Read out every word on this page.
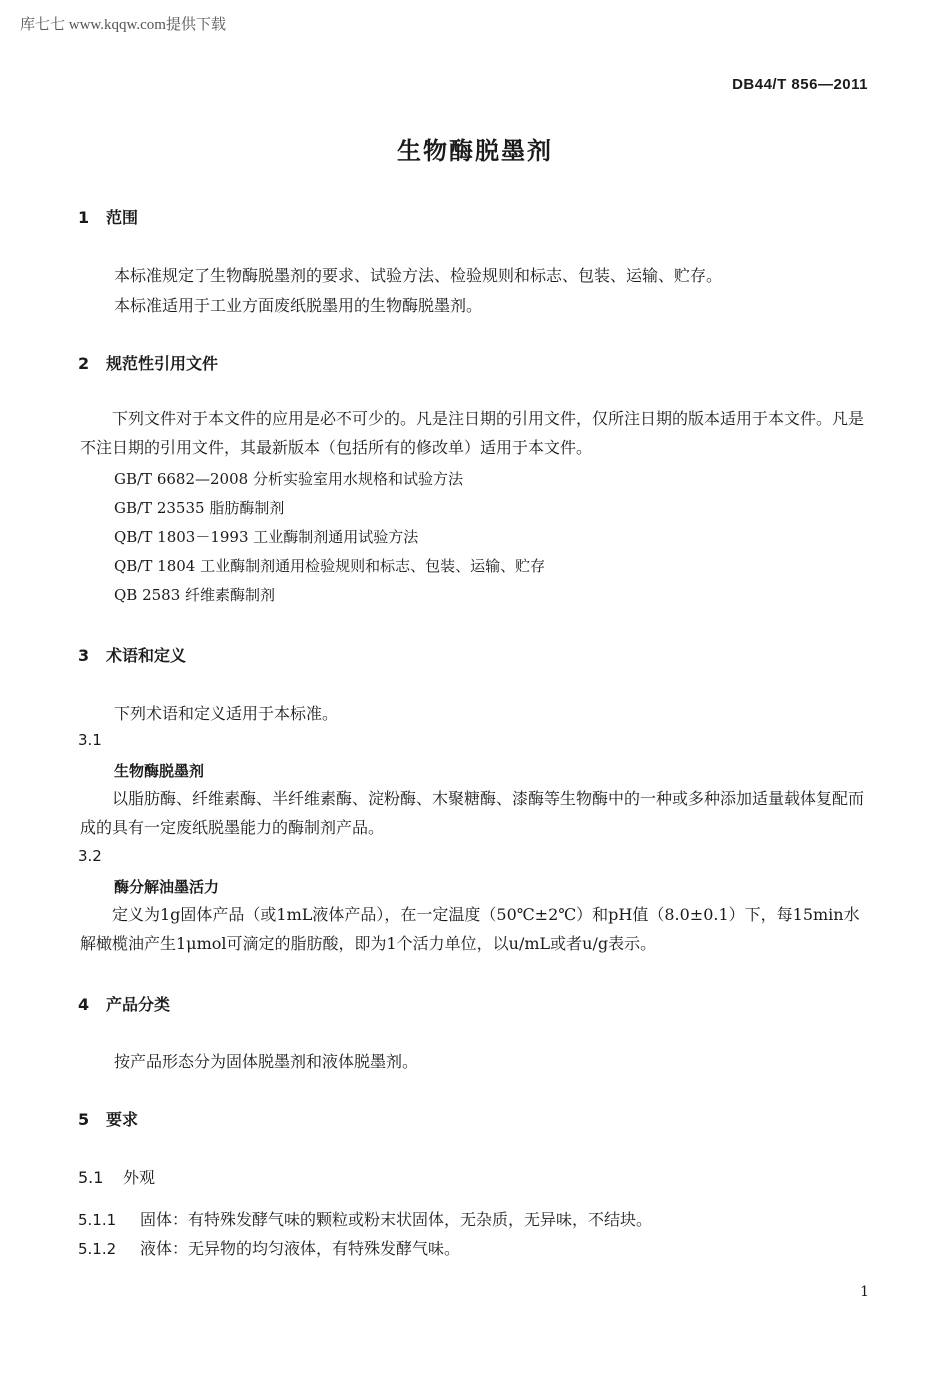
库七七 www.kqqw.com提供下载
DB44/T 856—2011
生物酶脱墨剂
1 范围
本标准规定了生物酶脱墨剂的要求、试验方法、检验规则和标志、包装、运输、贮存。
本标准适用于工业方面废纸脱墨用的生物酶脱墨剂。
2 规范性引用文件
下列文件对于本文件的应用是必不可少的。凡是注日期的引用文件，仅所注日期的版本适用于本文件。凡是不注日期的引用文件，其最新版本（包括所有的修改单）适用于本文件。
GB/T 6682—2008 分析实验室用水规格和试验方法
GB/T 23535 脂肪酶制剂
QB/T 1803－1993 工业酶制剂通用试验方法
QB/T 1804 工业酶制剂通用检验规则和标志、包装、运输、贮存
QB 2583 纤维素酶制剂
3 术语和定义
下列术语和定义适用于本标准。
3.1
生物酶脱墨剂
以脂肪酶、纤维素酶、半纤维素酶、淀粉酶、木聚糖酶、漆酶等生物酶中的一种或多种添加适量载体复配而成的具有一定废纸脱墨能力的酶制剂产品。
3.2
酶分解油墨活力
定义为1g固体产品（或1mL液体产品），在一定温度（50℃±2℃）和pH值（8.0±0.1）下，每15min水解橄榄油产生1μmol可滴定的脂肪酸，即为1个活力单位，以u/mL或者u/g表示。
4 产品分类
按产品形态分为固体脱墨剂和液体脱墨剂。
5 要求
5.1 外观
5.1.1 固体：有特殊发酵气味的颗粒或粉末状固体，无杂质，无异味，不结块。
5.1.2 液体：无异物的均匀液体，有特殊发酵气味。
1
